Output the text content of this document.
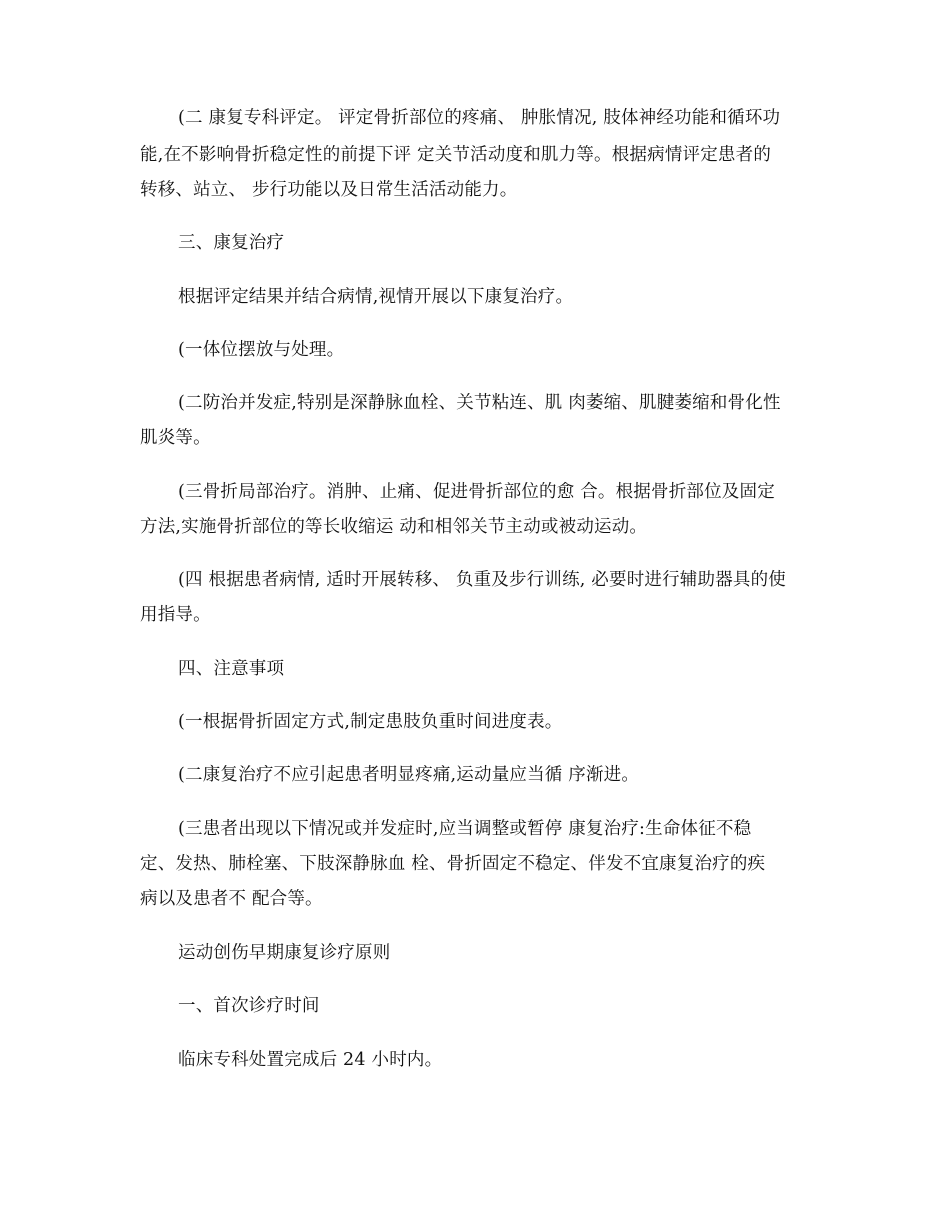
(二 康复专科评定。 评定骨折部位的疼痛、 肿胀情况, 肢体神经功能和循环功
能,在不影响骨折稳定性的前提下评 定关节活动度和肌力等。根据病情评定患者的
转移、站立、 步行功能以及日常生活活动能力。
三、康复治疗
根据评定结果并结合病情,视情开展以下康复治疗。
(一体位摆放与处理。
(二防治并发症,特别是深静脉血栓、关节粘连、肌 肉萎缩、肌腱萎缩和骨化性
肌炎等。
(三骨折局部治疗。消肿、止痛、促进骨折部位的愈 合。根据骨折部位及固定
方法,实施骨折部位的等长收缩运 动和相邻关节主动或被动运动。
(四 根据患者病情, 适时开展转移、 负重及步行训练, 必要时进行辅助器具的使
用指导。
四、注意事项
(一根据骨折固定方式,制定患肢负重时间进度表。
(二康复治疗不应引起患者明显疼痛,运动量应当循 序渐进。
(三患者出现以下情况或并发症时,应当调整或暂停 康复治疗:生命体征不稳
定、发热、肺栓塞、下肢深静脉血 栓、骨折固定不稳定、伴发不宜康复治疗的疾
病以及患者不 配合等。
运动创伤早期康复诊疗原则
一、首次诊疗时间
临床专科处置完成后 24 小时内。
